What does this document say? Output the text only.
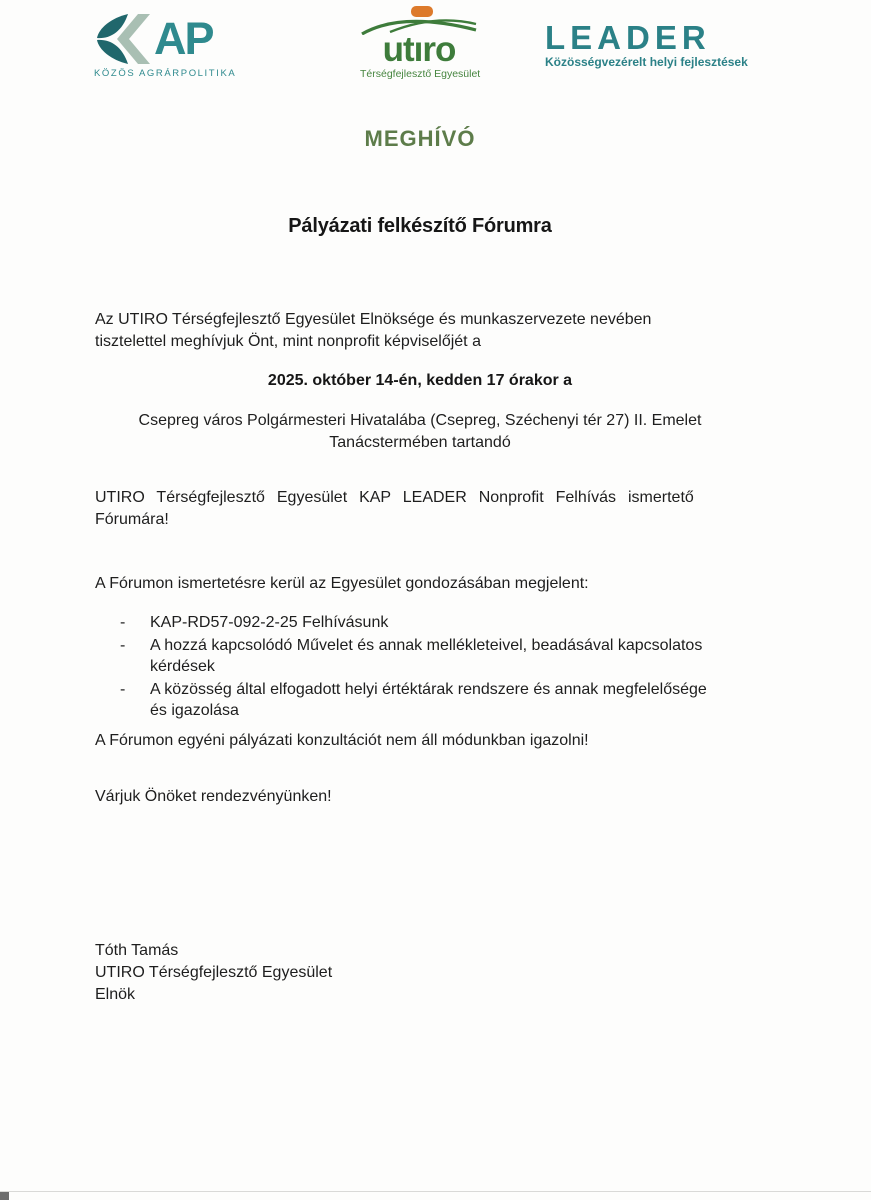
AP
KÖZÖS AGRÁRPOLITIKA
utıro
Térségfejlesztő Egyesület
LEADER
Közösségvezérelt helyi fejlesztések
MEGHÍVÓ
Pályázati felkészítő Fórumra
Az UTIRO Térségfejlesztő Egyesület Elnöksége és munkaszervezete nevében
tisztelettel meghívjuk Önt, mint nonprofit képviselőjét a
2025. október 14-én, kedden 17 órakor a
Csepreg város Polgármesteri Hivatalába (Csepreg, Széchenyi tér 27) II. Emelet
Tanácstermében tartandó
UTIRO Térségfejlesztő Egyesület KAP LEADER Nonprofit Felhívás ismertető
Fórumára!
A Fórumon ismertetésre kerül az Egyesület gondozásában megjelent:
-	KAP-RD57-092-2-25 Felhívásunk
-	A hozzá kapcsolódó Művelet és annak mellékleteivel, beadásával kapcsolatos
kérdések
-	A közösség által elfogadott helyi értéktárak rendszere és annak megfelelősége
és igazolása
A Fórumon egyéni pályázati konzultációt nem áll módunkban igazolni!
Várjuk Önöket rendezvényünken!
Tóth Tamás
UTIRO Térségfejlesztő Egyesület
Elnök
